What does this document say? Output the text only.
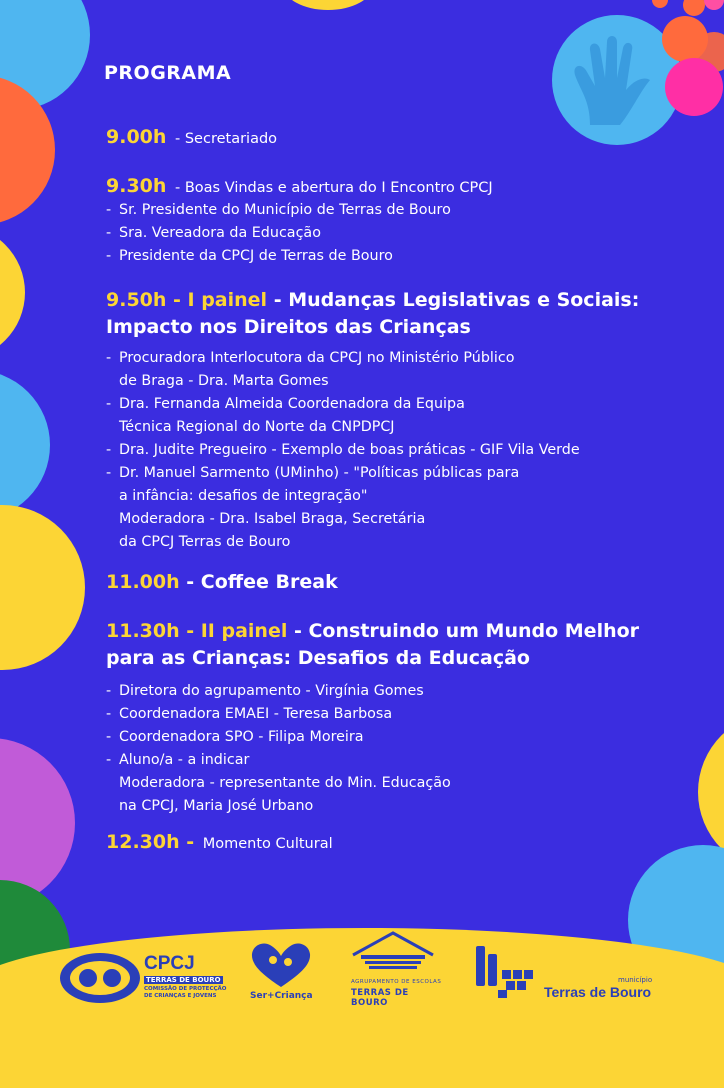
PROGRAMA
9.00h - Secretariado
9.30h - Boas Vindas e abertura do I Encontro CPCJ
- Sr. Presidente do Município de Terras de Bouro
- Sra. Vereadora da Educação
- Presidente da CPCJ de Terras de Bouro
9.50h - I painel - Mudanças Legislativas e Sociais:
Impacto nos Direitos das Crianças
- Procuradora Interlocutora da CPCJ no Ministério Público
de Braga - Dra. Marta Gomes
- Dra. Fernanda Almeida Coordenadora da Equipa
Técnica Regional do Norte da CNPDPCJ
- Dra. Judite Pregueiro - Exemplo de boas práticas - GIF Vila Verde
- Dr. Manuel Sarmento (UMinho) - "Políticas públicas para
a infância: desafios de integração"
Moderadora - Dra. Isabel Braga, Secretária
da CPCJ Terras de Bouro
11.00h - Coffee Break
11.30h - II painel - Construindo um Mundo Melhor
para as Crianças: Desafios da Educação
- Diretora do agrupamento - Virgínia Gomes
- Coordenadora EMAEI - Teresa Barbosa
- Coordenadora SPO - Filipa Moreira
- Aluno/a - a indicar
Moderadora - representante do Min. Educação
na CPCJ, Maria José Urbano
12.30h - Momento Cultural
CPCJ
TERRAS DE BOURO
COMISSÃO DE PROTECÇÃO
DE CRIANÇAS E JOVENS	Ser+Criança
AGRUPAMENTO DE ESCOLAS
TERRAS DE BOURO
município
Terras de Bouro
